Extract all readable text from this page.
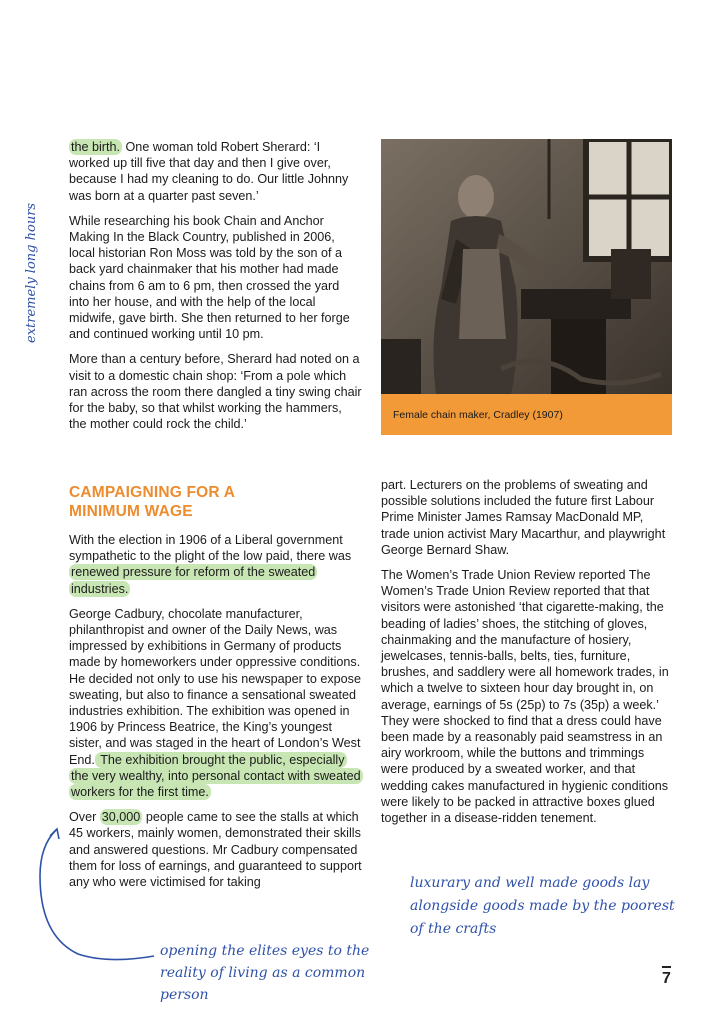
the birth. One woman told Robert Sherard: ‘I worked up till five that day and then I give over, because I had my cleaning to do. Our little Johnny was born at a quarter past seven.’

While researching his book Chain and Anchor Making In the Black Country, published in 2006, local historian Ron Moss was told by the son of a back yard chainmaker that his mother had made chains from 6 am to 6 pm, then crossed the yard into her house, and with the help of the local midwife, gave birth. She then returned to her forge and continued working until 10 pm.

More than a century before, Sherard had noted on a visit to a domestic chain shop: ‘From a pole which ran across the room there dangled a tiny swing chair for the baby, so that whilst working the hammers, the mother could rock the child.’

Female chain maker, Cradley (1907)
CAMPAIGNING FOR A
MINIMUM WAGE

With the election in 1906 of a Liberal government sympathetic to the plight of the low paid, there was renewed pressure for reform of the sweated industries.

George Cadbury, chocolate manufacturer, philanthropist and owner of the Daily News, was impressed by exhibitions in Germany of products made by homeworkers under oppressive conditions. He decided not only to use his newspaper to expose sweating, but also to finance a sensational sweated industries exhibition. The exhibition was opened in 1906 by Princess Beatrice, the King’s youngest sister, and was staged in the heart of London’s West End. The exhibition brought the public, especially the very wealthy, into personal contact with sweated workers for the first time.

Over 30,000 people came to see the stalls at which 45 workers, mainly women, demonstrated their skills and answered questions. Mr Cadbury compensated them for loss of earnings, and guaranteed to support any who were victimised for taking

part. Lecturers on the problems of sweating and possible solutions included the future first Labour Prime Minister James Ramsay MacDonald MP, trade union activist Mary Macarthur, and playwright George Bernard Shaw.

The Women’s Trade Union Review reported The Women’s Trade Union Review reported that that visitors were astonished ‘that cigarette-making, the beading of ladies’ shoes, the stitching of gloves, chainmaking and the manufacture of hosiery, jewelcases, tennis-balls, belts, ties, furniture, brushes, and saddlery were all homework trades, in which a twelve to sixteen hour day brought in, on average, earnings of 5s (25p) to 7s (35p) a week.’ They were shocked to find that a dress could have been made by a reasonably paid seamstress in an airy workroom, while the buttons and trimmings were produced by a sweated worker, and that wedding cakes manufactured in hygienic conditions were likely to be packed in attractive boxes glued together in a disease-ridden tenement.

extremely long hours
opening the elites eyes to the reality of living as a common person
luxurary and well made goods lay alongside goods made by the poorest of the crafts
7
